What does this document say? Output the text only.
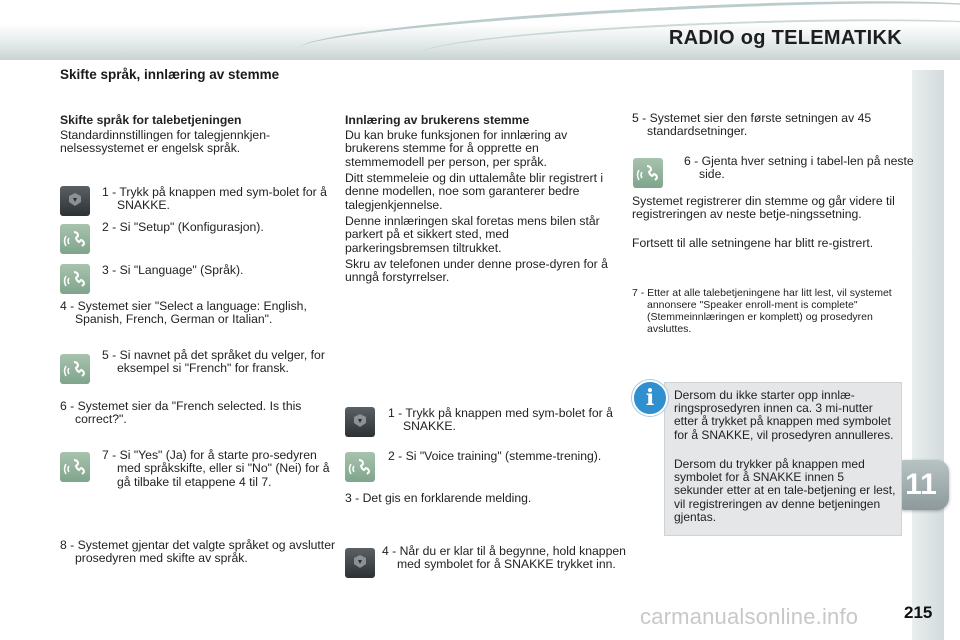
RADIO og TELEMATIKK
11
Skifte språk, innlæring av stemme
Skifte språk for talebetjeningen
Standardinnstillingen for talegjennkjen-nelsessystemet er engelsk språk.
1 - Trykk på knappen med sym-bolet for å SNAKKE.
2 - Si "Setup" (Konfigurasjon).
3 - Si "Language" (Språk).
4 - Systemet sier "Select a language: English, Spanish, French, German or Italian".
5 - Si navnet på det språket du velger, for eksempel si "French" for fransk.
6 - Systemet sier da "French selected. Is this correct?".
7 - Si "Yes" (Ja) for å starte pro-sedyren med språkskifte, eller si "No" (Nei) for å gå tilbake til etappene 4 til 7.
8 - Systemet gjentar det valgte språket og avslutter prosedyren med skifte av språk.
Innlæring av brukerens stemme
Du kan bruke funksjonen for innlæring av brukerens stemme for å opprette en stemmemodell per person, per språk.
Ditt stemmeleie og din uttalemåte blir registrert i denne modellen, noe som garanterer bedre talegjenkjennelse.
Denne innlæringen skal foretas mens bilen står parkert på et sikkert sted, med parkeringsbremsen tiltrukket.
Skru av telefonen under denne prose-dyren for å unngå forstyrrelser.
1 - Trykk på knappen med sym-bolet for å SNAKKE.
2 - Si "Voice training" (stemme-trening).
3 - Det gis en forklarende melding.
4 - Når du er klar til å begynne, hold knappen med symbolet for å SNAKKE trykket inn.
5 - Systemet sier den første setningen av 45 standardsetninger.
6 - Gjenta hver setning i tabel-len på neste side.
Systemet registrerer din stemme og går videre til registreringen av neste betje-ningssetning.
Fortsett til alle setningene har blitt re-gistrert.
7 - Etter at alle talebetjeningene har litt lest, vil systemet annonsere "Speaker enroll-ment is complete" (Stemmeinnlæringen er komplett) og prosedyren avsluttes.
i	Dersom du ikke starter opp innlæ-ringsprosedyren innen ca. 3 mi-nutter etter å trykket på knappen med symbolet for å SNAKKE, vil prosedyren annulleres.
Dersom du trykker på knappen med symbolet for å SNAKKE innen 5 sekunder etter at en tale-betjening er lest, vil registreringen av denne betjeningen gjentas.
carmanualsonline.info	215
